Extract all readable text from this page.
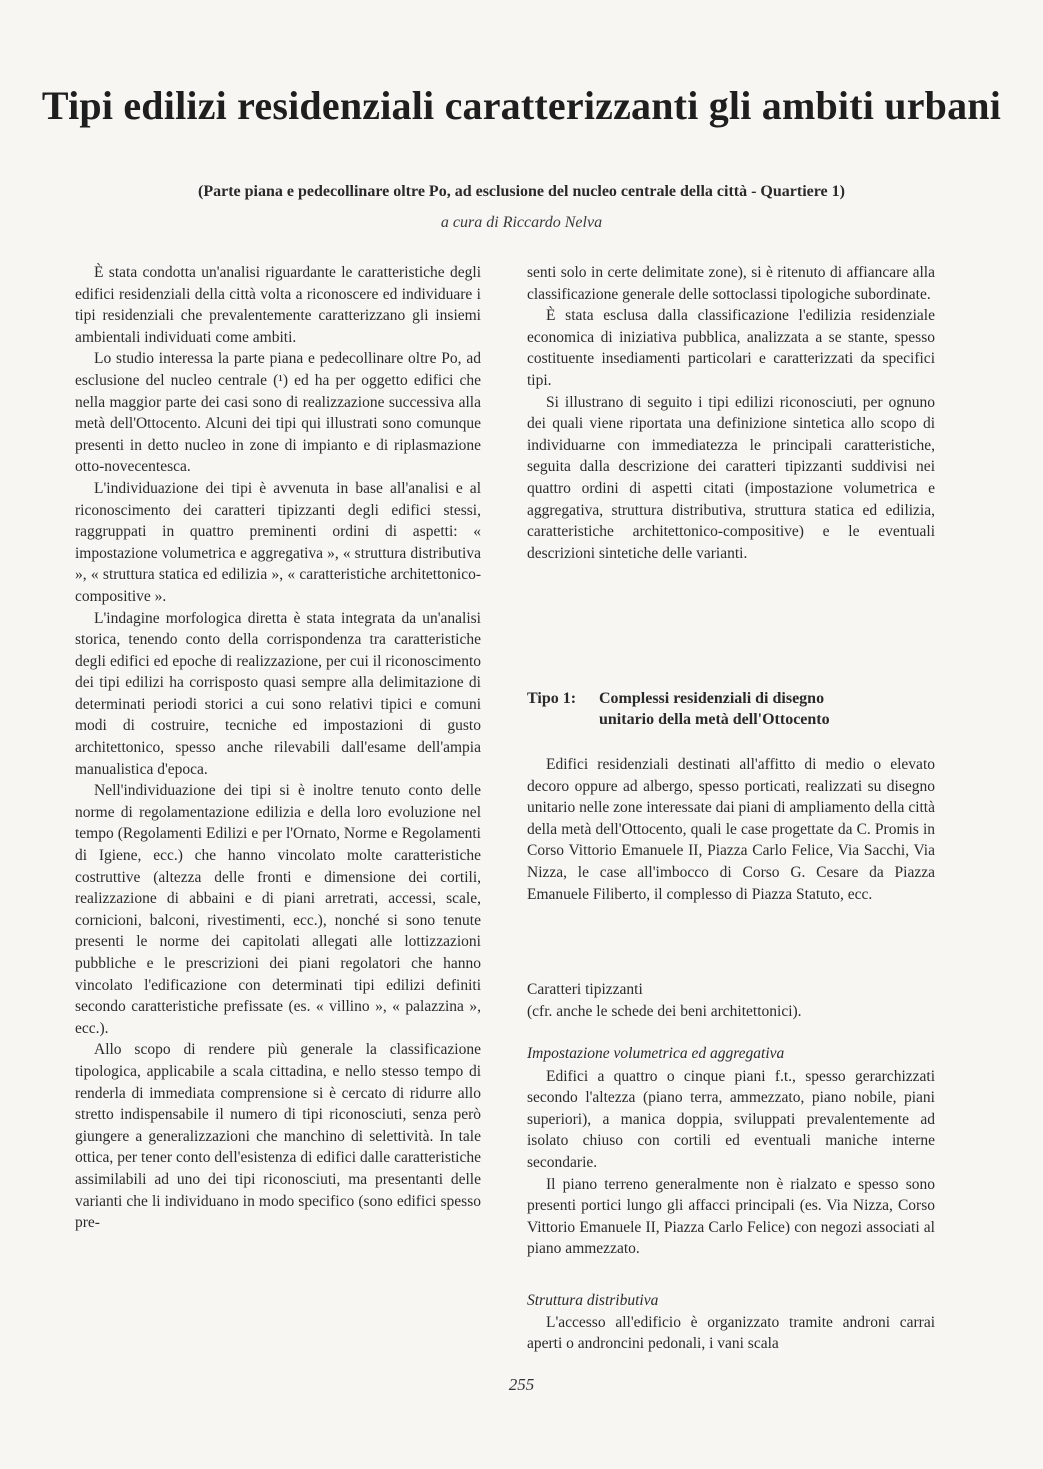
Tipi edilizi residenziali caratterizzanti gli ambiti urbani
(Parte piana e pedecollinare oltre Po, ad esclusione del nucleo centrale della città - Quartiere 1)
a cura di Riccardo Nelva

È stata condotta un'analisi riguardante le caratteristiche degli edifici residenziali della città volta a riconoscere ed individuare i tipi residenziali che prevalentemente caratterizzano gli insiemi ambientali individuati come ambiti.

Lo studio interessa la parte piana e pedecollinare oltre Po, ad esclusione del nucleo centrale (¹) ed ha per oggetto edifici che nella maggior parte dei casi sono di realizzazione successiva alla metà dell'Ottocento. Alcuni dei tipi qui illustrati sono comunque presenti in detto nucleo in zone di impianto e di riplasmazione otto-novecentesca.

L'individuazione dei tipi è avvenuta in base all'analisi e al riconoscimento dei caratteri tipizzanti degli edifici stessi, raggruppati in quattro preminenti ordini di aspetti: « impostazione volumetrica e aggregativa », « struttura distributiva », « struttura statica ed edilizia », « caratteristiche architettonico-compositive ».

L'indagine morfologica diretta è stata integrata da un'analisi storica, tenendo conto della corrispondenza tra caratteristiche degli edifici ed epoche di realizzazione, per cui il riconoscimento dei tipi edilizi ha corrisposto quasi sempre alla delimitazione di determinati periodi storici a cui sono relativi tipici e comuni modi di costruire, tecniche ed impostazioni di gusto architettonico, spesso anche rilevabili dall'esame dell'ampia manualistica d'epoca.

Nell'individuazione dei tipi si è inoltre tenuto conto delle norme di regolamentazione edilizia e della loro evoluzione nel tempo (Regolamenti Edilizi e per l'Ornato, Norme e Regolamenti di Igiene, ecc.) che hanno vincolato molte caratteristiche costruttive (altezza delle fronti e dimensione dei cortili, realizzazione di abbaini e di piani arretrati, accessi, scale, cornicioni, balconi, rivestimenti, ecc.), nonché si sono tenute presenti le norme dei capitolati allegati alle lottizzazioni pubbliche e le prescrizioni dei piani regolatori che hanno vincolato l'edificazione con determinati tipi edilizi definiti secondo caratteristiche prefissate (es. « villino », « palazzina », ecc.).

Allo scopo di rendere più generale la classificazione tipologica, applicabile a scala cittadina, e nello stesso tempo di renderla di immediata comprensione si è cercato di ridurre allo stretto indispensabile il numero di tipi riconosciuti, senza però giungere a generalizzazioni che manchino di selettività. In tale ottica, per tener conto dell'esistenza di edifici dalle caratteristiche assimilabili ad uno dei tipi riconosciuti, ma presentanti delle varianti che li individuano in modo specifico (sono edifici spesso pre-

senti solo in certe delimitate zone), si è ritenuto di affiancare alla classificazione generale delle sottoclassi tipologiche subordinate.

È stata esclusa dalla classificazione l'edilizia residenziale economica di iniziativa pubblica, analizzata a se stante, spesso costituente insediamenti particolari e caratterizzati da specifici tipi.

Si illustrano di seguito i tipi edilizi riconosciuti, per ognuno dei quali viene riportata una definizione sintetica allo scopo di individuarne con immediatezza le principali caratteristiche, seguita dalla descrizione dei caratteri tipizzanti suddivisi nei quattro ordini di aspetti citati (impostazione volumetrica e aggregativa, struttura distributiva, struttura statica ed edilizia, caratteristiche architettonico-compositive) e le eventuali descrizioni sintetiche delle varianti.

Tipo 1: Complessi residenziali di disegno
unitario della metà dell'Ottocento

Edifici residenziali destinati all'affitto di medio o elevato decoro oppure ad albergo, spesso porticati, realizzati su disegno unitario nelle zone interessate dai piani di ampliamento della città della metà dell'Ottocento, quali le case progettate da C. Promis in Corso Vittorio Emanuele II, Piazza Carlo Felice, Via Sacchi, Via Nizza, le case all'imbocco di Corso G. Cesare da Piazza Emanuele Filiberto, il complesso di Piazza Statuto, ecc.

Caratteri tipizzanti
(cfr. anche le schede dei beni architettonici).
Impostazione volumetrica ed aggregativa

Edifici a quattro o cinque piani f.t., spesso gerarchizzati secondo l'altezza (piano terra, ammezzato, piano nobile, piani superiori), a manica doppia, sviluppati prevalentemente ad isolato chiuso con cortili ed eventuali maniche interne secondarie.

Il piano terreno generalmente non è rialzato e spesso sono presenti portici lungo gli affacci principali (es. Via Nizza, Corso Vittorio Emanuele II, Piazza Carlo Felice) con negozi associati al piano ammezzato.

Struttura distributiva

L'accesso all'edificio è organizzato tramite androni carrai aperti o androncini pedonali, i vani scala

255
